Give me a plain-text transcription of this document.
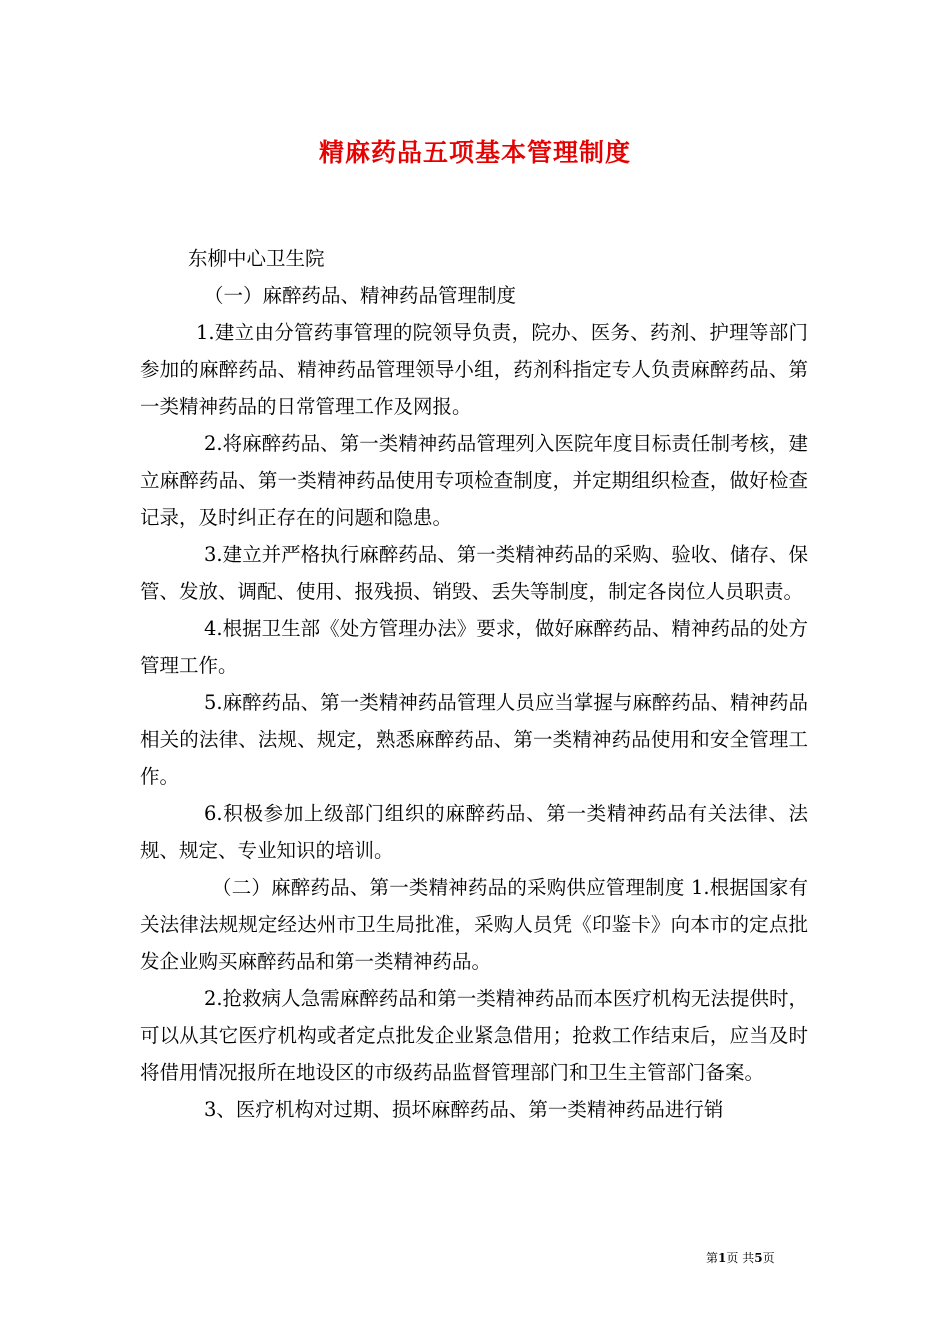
精麻药品五项基本管理制度

东柳中心卫生院

（一）麻醉药品、精神药品管理制度

1.建立由分管药事管理的院领导负责，院办、医务、药剂、护理等部门参加的麻醉药品、精神药品管理领导小组，药剂科指定专人负责麻醉药品、第一类精神药品的日常管理工作及网报。

2.将麻醉药品、第一类精神药品管理列入医院年度目标责任制考核，建立麻醉药品、第一类精神药品使用专项检查制度，并定期组织检查，做好检查记录，及时纠正存在的问题和隐患。

3.建立并严格执行麻醉药品、第一类精神药品的采购、验收、储存、保管、发放、调配、使用、报残损、销毁、丢失等制度，制定各岗位人员职责。

4.根据卫生部《处方管理办法》要求，做好麻醉药品、精神药品的处方管理工作。

5.麻醉药品、第一类精神药品管理人员应当掌握与麻醉药品、精神药品相关的法律、法规、规定，熟悉麻醉药品、第一类精神药品使用和安全管理工作。

6.积极参加上级部门组织的麻醉药品、第一类精神药品有关法律、法规、规定、专业知识的培训。

（二）麻醉药品、第一类精神药品的采购供应管理制度 1.根据国家有关法律法规规定经达州市卫生局批准，采购人员凭《印鉴卡》向本市的定点批发企业购买麻醉药品和第一类精神药品。

2.抢救病人急需麻醉药品和第一类精神药品而本医疗机构无法提供时，可以从其它医疗机构或者定点批发企业紧急借用；抢救工作结束后，应当及时将借用情况报所在地设区的市级药品监督管理部门和卫生主管部门备案。

3、医疗机构对过期、损坏麻醉药品、第一类精神药品进行销

第1页 共5页
